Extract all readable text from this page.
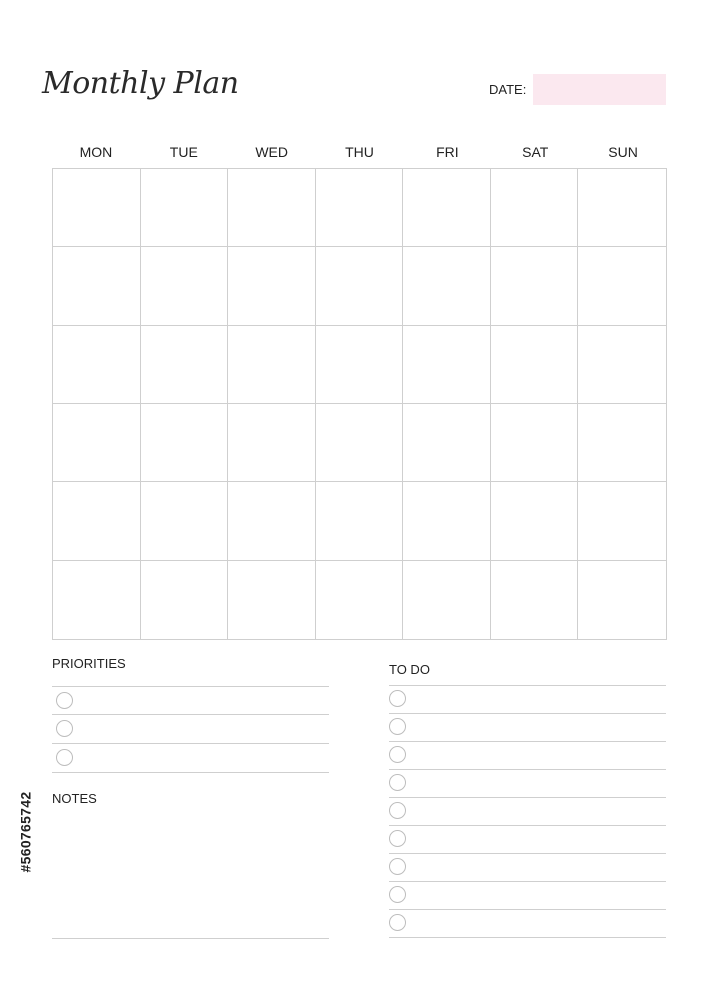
Monthly Plan	DATE:
MON	TUE	WED	THU	FRI	SAT	SUN
PRIORITIES
NOTES
TO DO
#560765742
